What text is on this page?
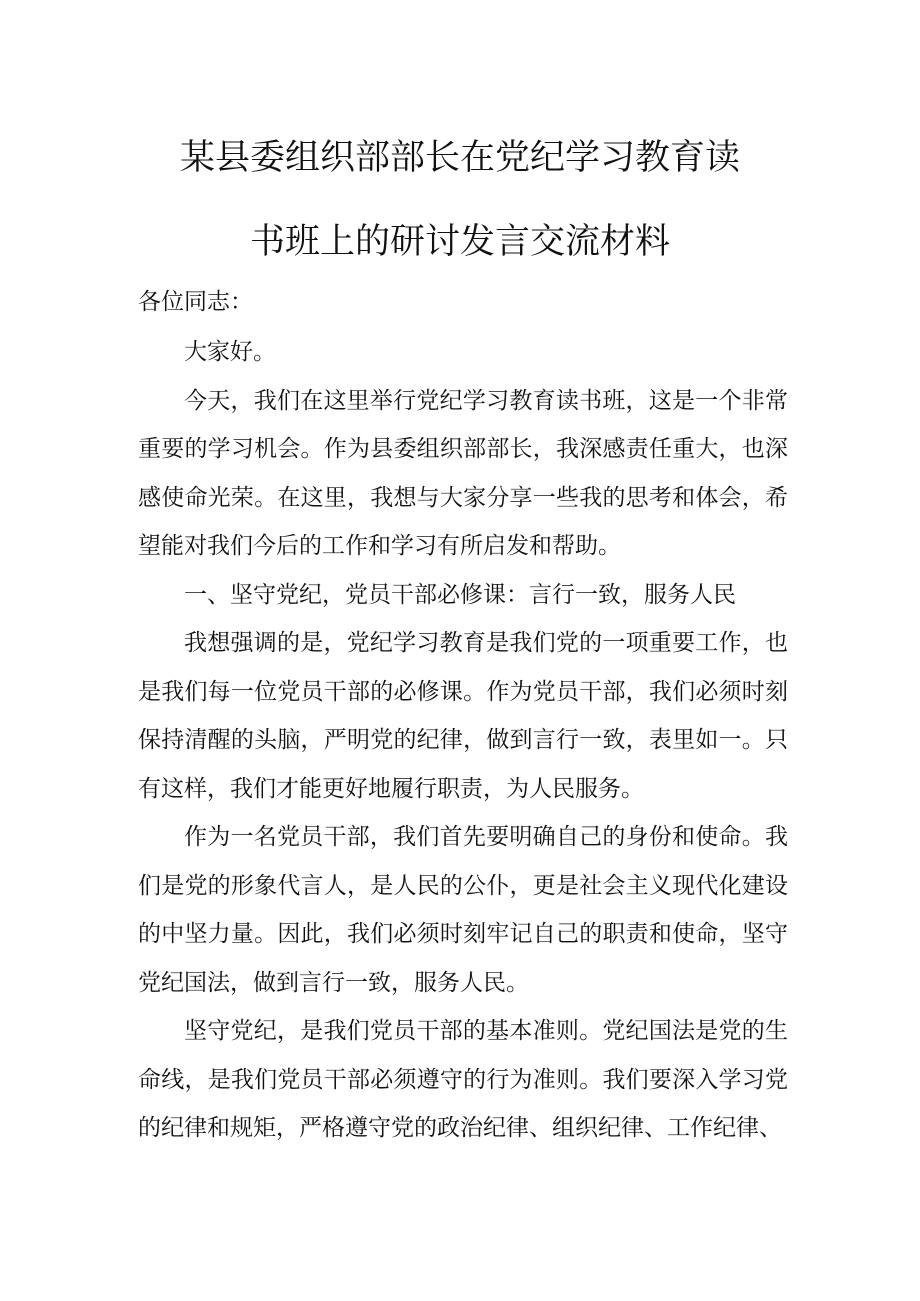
某县委组织部部长在党纪学习教育读
书班上的研讨发言交流材料
各位同志：

大家好。

今天，我们在这里举行党纪学习教育读书班，这是一个非常重要的学习机会。作为县委组织部部长，我深感责任重大，也深感使命光荣。在这里，我想与大家分享一些我的思考和体会，希望能对我们今后的工作和学习有所启发和帮助。

一、坚守党纪，党员干部必修课：言行一致，服务人民

我想强调的是，党纪学习教育是我们党的一项重要工作，也是我们每一位党员干部的必修课。作为党员干部，我们必须时刻保持清醒的头脑，严明党的纪律，做到言行一致，表里如一。只有这样，我们才能更好地履行职责，为人民服务。

作为一名党员干部，我们首先要明确自己的身份和使命。我们是党的形象代言人，是人民的公仆，更是社会主义现代化建设的中坚力量。因此，我们必须时刻牢记自己的职责和使命，坚守党纪国法，做到言行一致，服务人民。

坚守党纪，是我们党员干部的基本准则。党纪国法是党的生命线，是我们党员干部必须遵守的行为准则。我们要深入学习党的纪律和规矩，严格遵守党的政治纪律、组织纪律、工作纪律、
